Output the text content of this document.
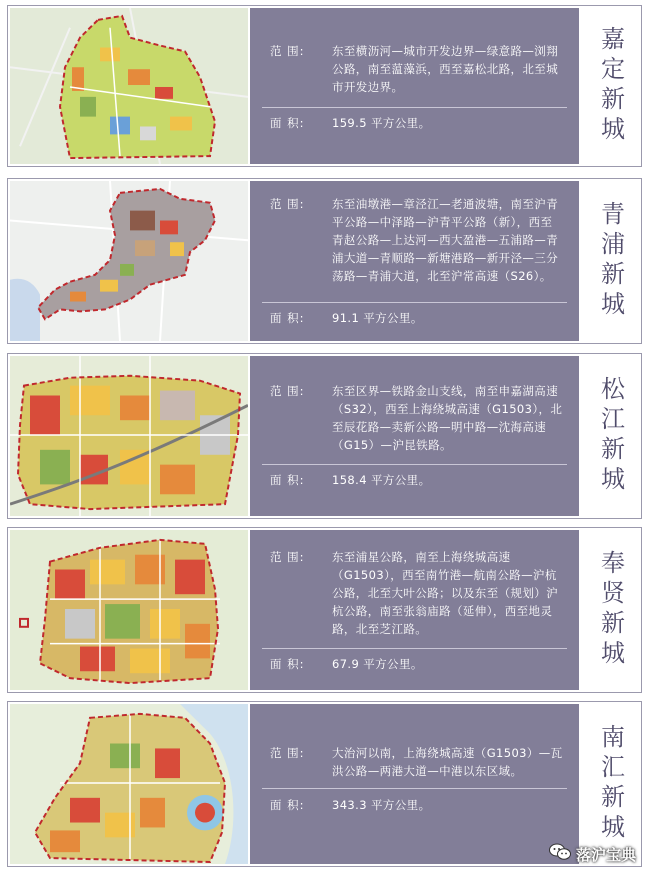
范 围:	东至横沥河—城市开发边界—绿意路—浏翔公路，南至蕰藻浜，西至嘉松北路，北至城市开发边界。
面 积:	159.5 平方公里。	嘉定新城
范 围:	东至油墩港—章泾江—老通波塘，南至沪青平公路—中泽路—沪青平公路（新），西至青赵公路—上达河—西大盈港—五浦路—青浦大道—青顺路—新塘港路—新开泾—三分荡路—青浦大道，北至沪常高速（S26）。
面 积:	91.1 平方公里。	青浦新城
范 围:	东至区界—铁路金山支线，南至申嘉湖高速（S32），西至上海绕城高速（G1503），北至辰花路—卖新公路—明中路—沈海高速（G15）—沪昆铁路。
面 积:	158.4 平方公里。	松江新城
范 围:	东至浦星公路，南至上海绕城高速（G1503），西至南竹港—航南公路—沪杭公路，北至大叶公路；以及东至（规划）沪杭公路，南至张翁庙路（延伸），西至地灵路，北至芝江路。
面 积:	67.9 平方公里。	奉贤新城
范 围:	大治河以南，上海绕城高速（G1503）—瓦洪公路—两港大道—中港以东区域。
面 积:	343.3 平方公里。	南汇新城
落沪宝典
